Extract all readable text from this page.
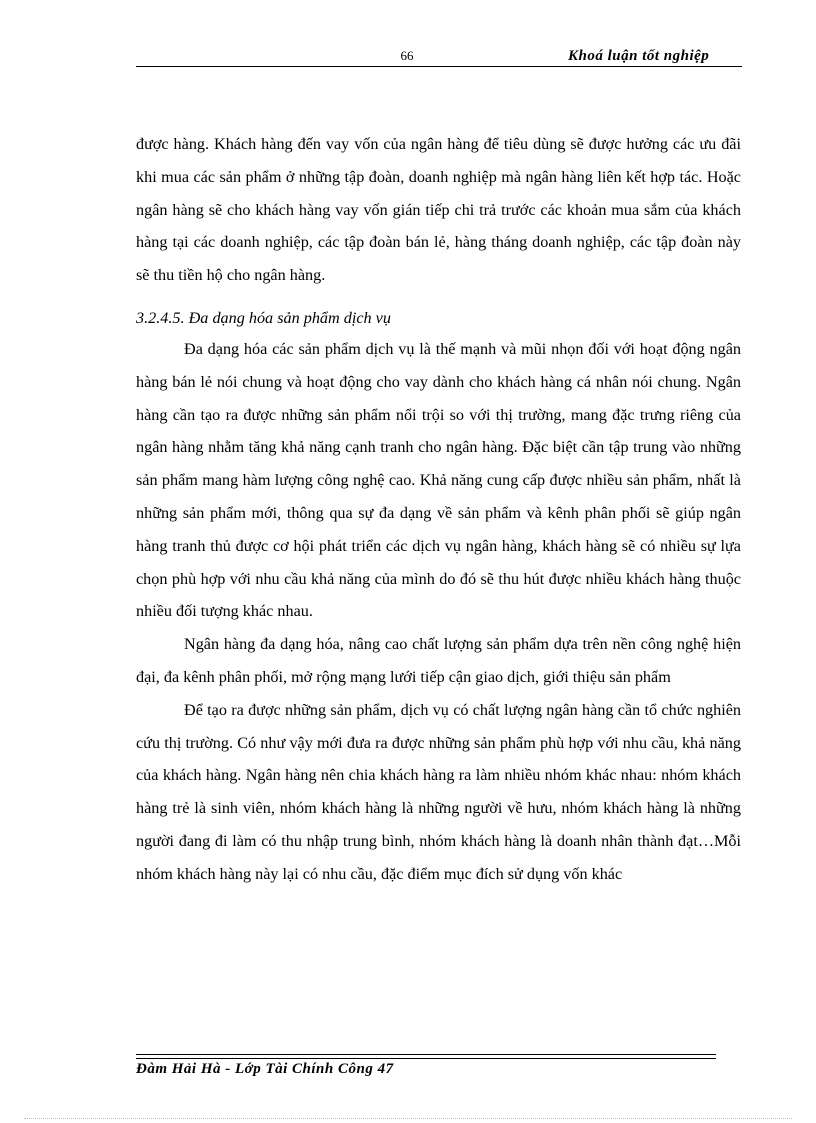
66	Khoá luận tốt nghiệp

được hàng. Khách hàng đến vay vốn của ngân hàng để tiêu dùng sẽ được hưởng các ưu đãi khi mua các sản phẩm ở những tập đoàn, doanh nghiệp mà ngân hàng liên kết hợp tác. Hoặc ngân hàng sẽ cho khách hàng vay vốn gián tiếp chi trả trước các khoản mua sắm của khách hàng tại các doanh nghiệp, các tập đoàn bán lẻ, hàng tháng doanh nghiệp, các tập đoàn này sẽ thu tiền hộ cho ngân hàng.

3.2.4.5. Đa dạng hóa sản phẩm dịch vụ

Đa dạng hóa các sản phẩm dịch vụ là thế mạnh và mũi nhọn đối với hoạt động ngân hàng bán lẻ nói chung và hoạt động cho vay dành cho khách hàng cá nhân nói chung. Ngân hàng cần tạo ra được những sản phẩm nổi trội so với thị trường, mang đặc trưng riêng của ngân hàng nhằm tăng khả năng cạnh tranh cho ngân hàng. Đặc biệt cần tập trung vào những sản phẩm mang hàm lượng công nghệ cao. Khả năng cung cấp được nhiều sản phẩm, nhất là những sản phẩm mới, thông qua sự đa dạng về sản phẩm và kênh phân phối sẽ giúp ngân hàng tranh thủ được cơ hội phát triển các dịch vụ ngân hàng, khách hàng sẽ có nhiều sự lựa chọn phù hợp với nhu cầu khả năng của mình do đó sẽ thu hút được nhiều khách hàng thuộc nhiều đối tượng khác nhau.

Ngân hàng đa dạng hóa, nâng cao chất lượng sản phẩm dựa trên nền công nghệ hiện đại, đa kênh phân phối, mở rộng mạng lưới tiếp cận giao dịch, giới thiệu sản phẩm

Để tạo ra được những sản phẩm, dịch vụ có chất lượng ngân hàng cần tổ chức nghiên cứu thị trường. Có như vậy mới đưa ra được những sản phẩm phù hợp với nhu cầu, khả năng của khách hàng. Ngân hàng nên chia khách hàng ra làm nhiều nhóm khác nhau: nhóm khách hàng trẻ là sinh viên, nhóm khách hàng là những người về hưu, nhóm khách hàng là những người đang đi làm có thu nhập trung bình, nhóm khách hàng là doanh nhân thành đạt…Mỗi nhóm khách hàng này lại có nhu cầu, đặc điểm mục đích sử dụng vốn khác

Đàm Hải Hà - Lớp Tài Chính Công 47
